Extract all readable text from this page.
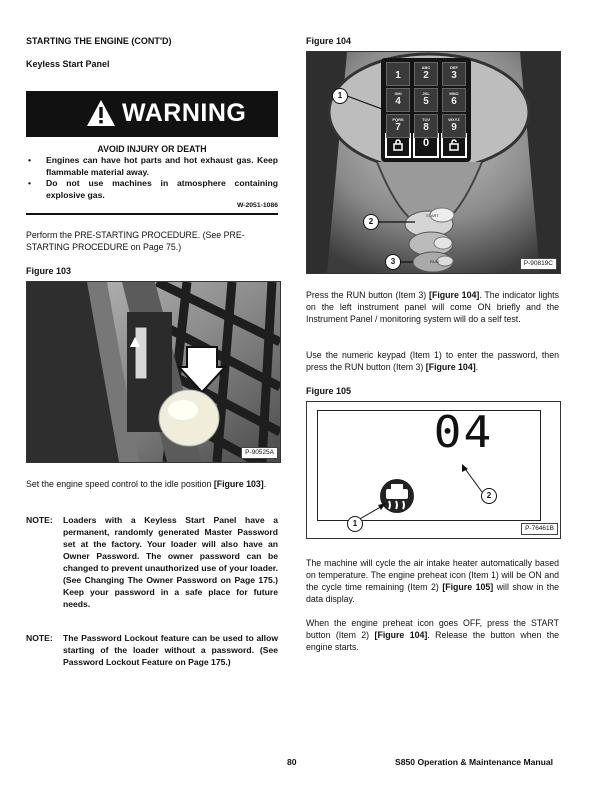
STARTING THE ENGINE (CONT'D)
Keyless Start Panel
WARNING
AVOID INJURY OR DEATH
• Engines can have hot parts and hot exhaust gas. Keep flammable material away.
• Do not use machines in atmosphere containing explosive gas.
W-2051-1086
Perform the PRE-STARTING PROCEDURE. (See PRE-
STARTING PROCEDURE on Page 75.)
Figure 103
P-90525A
Set the engine speed control to the idle position [Figure 103].
NOTE: Loaders with a Keyless Start Panel have a permanent, randomly generated Master Password set at the factory. Your loader will also have an Owner Password. The owner password can be changed to prevent unauthorized use of your loader. (See Changing The Owner Password on Page 175.) Keep your password in a safe place for future needs.
NOTE: The Password Lockout feature can be used to allow starting of the loader without a password. (See Password Lockout Feature on Page 175.)
Figure 104
1
ABC
2
DEF
3
GHI
4
JKL
5
MNO
6
PQRS
7
TUV
8
WXYZ
9
0
START
RUN
1
2
3	P-90819C
Press the RUN button (Item 3) [Figure 104]. The indicator lights on the left instrument panel will come ON briefly and the Instrument Panel / monitoring system will do a self test.
Use the numeric keypad (Item 1) to enter the password, then press the RUN button (Item 3) [Figure 104].
Figure 105
04
1
2
P-76461B
The machine will cycle the air intake heater automatically based on temperature. The engine preheat icon (Item 1) will be ON and the cycle time remaining (Item 2) [Figure 105] will show in the data display.
When the engine preheat icon goes OFF, press the START button (Item 2) [Figure 104]. Release the button when the engine starts.
80	S850 Operation & Maintenance Manual
